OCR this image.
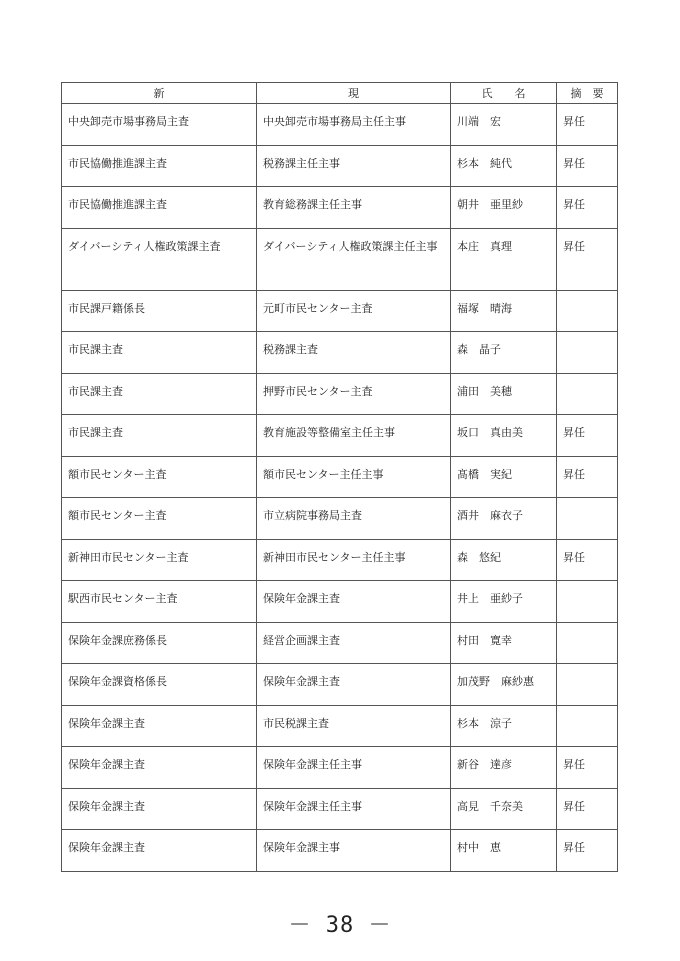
新	現	氏　　名	摘　要
中央卸売市場事務局主査	中央卸売市場事務局主任主事	川端　宏	昇任
市民協働推進課主査	税務課主任主事	杉本　純代	昇任
市民協働推進課主査	教育総務課主任主事	朝井　亜里紗	昇任
ダイバーシティ人権政策課主査	ダイバーシティ人権政策課主任主事	本庄　真理	昇任
市民課戸籍係長	元町市民センター主査	福塚　晴海	
市民課主査	税務課主査	森　晶子	
市民課主査	押野市民センター主査	浦田　美穂	
市民課主査	教育施設等整備室主任主事	坂口　真由美	昇任
額市民センター主査	額市民センター主任主事	髙橋　実紀	昇任
額市民センター主査	市立病院事務局主査	酒井　麻衣子	
新神田市民センター主査	新神田市民センター主任主事	森　悠紀	昇任
駅西市民センター主査	保険年金課主査	井上　亜紗子	
保険年金課庶務係長	経営企画課主査	村田　寛幸	
保険年金課資格係長	保険年金課主査	加茂野　麻紗惠	
保険年金課主査	市民税課主査	杉本　涼子	
保険年金課主査	保険年金課主任主事	新谷　達彦	昇任
保険年金課主査	保険年金課主任主事	高見　千奈美	昇任
保険年金課主査	保険年金課主事	村中　恵	昇任
－ 38 －
